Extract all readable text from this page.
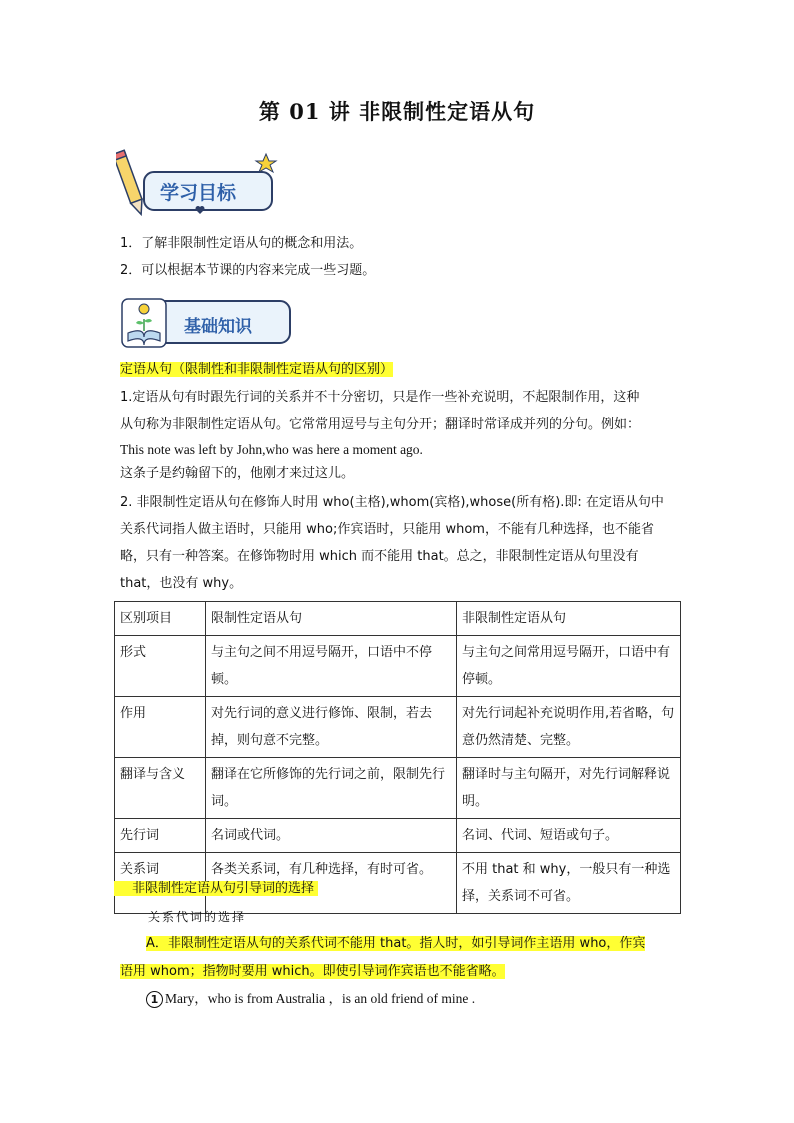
第 01 讲 非限制性定语从句
学习目标
1．了解非限制性定语从句的概念和用法。
2．可以根据本节课的内容来完成一些习题。
基础知识
定语从句（限制性和非限制性定语从句的区别）
1.定语从句有时跟先行词的关系并不十分密切，只是作一些补充说明，不起限制作用，这种
从句称为非限制性定语从句。它常常用逗号与主句分开；翻译时常译成并列的分句。例如：
This note was left by John,who was here a moment ago.
这条子是约翰留下的，他刚才来过这儿。
2. 非限制性定语从句在修饰人时用 who(主格),whom(宾格),whose(所有格).即: 在定语从句中
关系代词指人做主语时，只能用 who;作宾语时，只能用 whom，不能有几种选择，也不能省
略，只有一种答案。在修饰物时用 which 而不能用 that。总之，非限制性定语从句里没有
that，也没有 why。
区别项目	限制性定语从句	非限制性定语从句
形式	与主句之间不用逗号隔开，口语中不停顿。	与主句之间常用逗号隔开，口语中有停顿。
作用	对先行词的意义进行修饰、限制，若去掉，则句意不完整。	对先行词起补充说明作用,若省略，句意仍然清楚、完整。
翻译与含义	翻译在它所修饰的先行词之前，限制先行词。	翻译时与主句隔开，对先行词解释说明。
先行词	名词或代词。	名词、代词、短语或句子。
关系词	各类关系词，有几种选择，有时可省。	不用 that 和 why，一般只有一种选择，关系词不可省。
非限制性定语从句引导词的选择
关系代词的选择
A．非限制性定语从句的关系代词不能用 that。指人时，如引导词作主语用 who，作宾
语用 whom；指物时要用 which。即使引导词作宾语也不能省略。
1 Mary，who is from Australia ，is an old friend of mine .
